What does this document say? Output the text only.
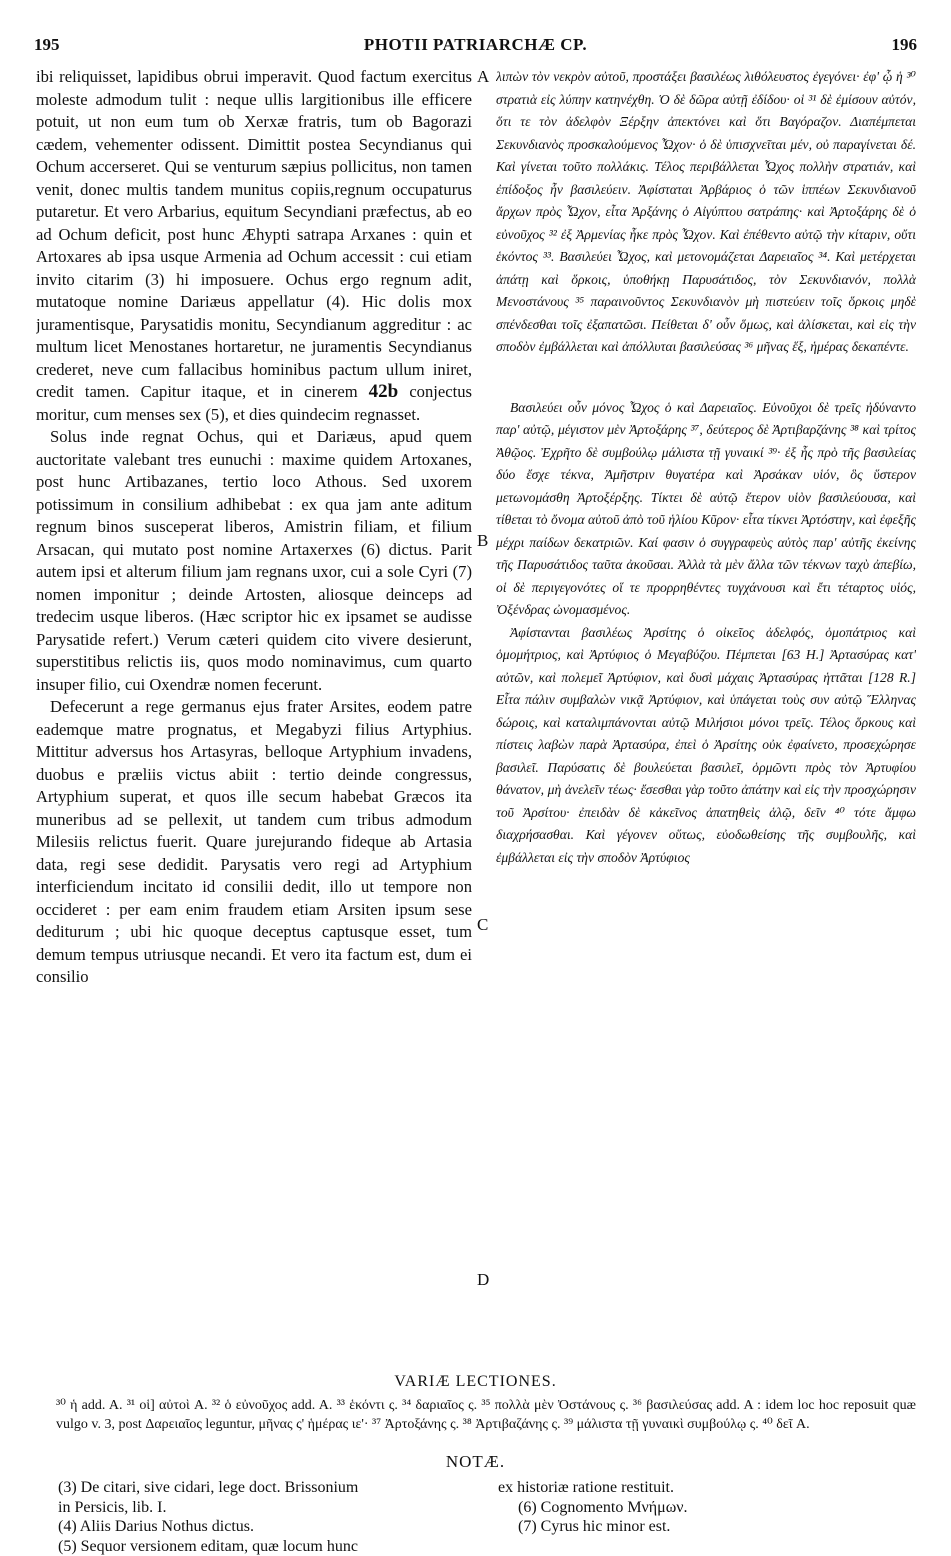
195	PHOTII PATRIARCHÆ CP.	196

ibi reliquisset, lapidibus obrui imperavit. Quod factum exercitus moleste admodum tulit : neque ullis largitionibus ille efficere potuit, ut non eum tum ob Xerxæ fratris, tum ob Bagorazi cædem, vehementer odissent. Dimittit postea Secyndianus qui Ochum accerseret. Qui se venturum sæpius pollicitus, non tamen venit, donec multis tandem munitus copiis,regnum occupaturus putaretur. Et vero Arbarius, equitum Secyndiani præfectus, ab eo ad Ochum deficit, post hunc Æhypti satrapa Arxanes : quin et Artoxares ab ipsa usque Armenia ad Ochum accessit : cui etiam invito citarim (3) hi imposuere. Ochus ergo regnum adit, mutatoque nomine Dariæus appellatur (4). Hic dolis mox juramentisque, Parysatidis monitu, Secyndianum aggreditur : ac multum licet Menostanes hortaretur, ne juramentis Secyndianus crederet, neve cum fallacibus hominibus pactum ullum iniret, credit tamen. Capitur itaque, et in cinerem 42b conjectus moritur, cum menses sex (5), et dies quindecim regnasset.

Solus inde regnat Ochus, qui et Dariæus, apud quem auctoritate valebant tres eunuchi : maxime quidem Artoxanes, post hunc Artibazanes, tertio loco Athous. Sed uxorem potissimum in consilium adhibebat : ex qua jam ante aditum regnum binos susceperat liberos, Amistrin filiam, et filium Arsacan, qui mutato post nomine Artaxerxes (6) dictus. Parit autem ipsi et alterum filium jam regnans uxor, cui a sole Cyri (7) nomen imponitur ; deinde Artosten, aliosque deinceps ad tredecim usque liberos. (Hæc scriptor hic ex ipsamet se audisse Parysatide refert.) Verum cæteri quidem cito vivere desierunt, superstitibus relictis iis, quos modo nominavimus, cum quarto insuper filio, cui Oxendræ nomen fecerunt.

Defecerunt a rege germanus ejus frater Arsites, eodem patre eademque matre prognatus, et Megabyzi filius Artyphius. Mittitur adversus hos Artasyras, belloque Artyphium invadens, duobus e præliis victus abiit : tertio deinde congressus, Artyphium superat, et quos ille secum habebat Græcos ita muneribus ad se pellexit, ut tandem cum tribus admodum Milesiis relictus fuerit. Quare jurejurando fideque ab Artasia data, regi sese dedidit. Parysatis vero regi ad Artyphium interficiendum incitato id consilii dedit, illo ut tempore non occideret : per eam enim fraudem etiam Arsiten ipsum sese dediturum ; ubi hic quoque deceptus captusque esset, tum demum tempus utriusque necandi. Et vero ita factum est, dum ei consilio

A
B
C
D

λιπὼν τὸν νεκρὸν αὐτοῦ, προστάξει βασιλέως λιθόλευστος ἐγεγόνει· ἐφ' ᾧ ἡ ³⁰ στρατιὰ εἰς λύπην κατηνέχθη. Ὁ δὲ δῶρα αὐτῇ ἐδίδου· οἱ ³¹ δὲ ἐμίσουν αὐτόν, ὅτι τε τὸν ἀδελφὸν Ξέρξην ἀπεκτόνει καὶ ὅτι Βαγόραζον. Διαπέμπεται Σεκυνδιανὸς προσκαλούμενος Ὦχον· ὁ δὲ ὑπισχνεῖται μέν, οὐ παραγίνεται δέ. Καὶ γίνεται τοῦτο πολλάκις. Τέλος περιβάλλεται Ὦχος πολλὴν στρατιάν, καὶ ἐπίδοξος ἦν βασιλεύειν. Ἀφίσταται Ἀρβάριος ὁ τῶν ἱππέων Σεκυνδιανοῦ ἄρχων πρὸς Ὦχον, εἶτα Ἀρξάνης ὁ Αἰγύπτου σατράπης· καὶ Ἀρτοξάρης δὲ ὁ εὐνοῦχος ³² ἐξ Ἀρμενίας ἧκε πρὸς Ὦχον. Καὶ ἐπέθεντο αὐτῷ τὴν κίταριν, οὔτι ἑκόντος ³³. Βασιλεύει Ὦχος, καὶ μετονομάζεται Δαρειαῖος ³⁴. Καὶ μετέρχεται ἀπάτῃ καὶ ὅρκοις, ὑποθήκῃ Παρυσάτιδος, τὸν Σεκυνδιανόν, πολλὰ Μενοστάνους ³⁵ παραινοῦντος Σεκυνδιανὸν μὴ πιστεύειν τοῖς ὅρκοις μηδὲ σπένδεσθαι τοῖς ἐξαπατῶσι. Πείθεται δ' οὖν ὅμως, καὶ ἁλίσκεται, καὶ εἰς τὴν σποδὸν ἐμβάλλεται καὶ ἀπόλλυται βασιλεύσας ³⁶ μῆνας ἕξ, ἡμέρας δεκαπέντε.

Βασιλεύει οὖν μόνος Ὦχος ὁ καὶ Δαρειαῖος. Εὐνοῦχοι δὲ τρεῖς ἠδύναντο παρ' αὐτῷ, μέγιστον μὲν Ἀρτοξάρης ³⁷, δεύτερος δὲ Ἀρτιβαρζάνης ³⁸ καὶ τρίτος Ἀθῷος. Ἐχρῆτο δὲ συμβούλῳ μάλιστα τῇ γυναικί ³⁹· ἐξ ἧς πρὸ τῆς βασιλείας δύο ἔσχε τέκνα, Ἀμῆστριν θυγατέρα καὶ Ἀρσάκαν υἱόν, ὃς ὕστερον μετωνομάσθη Ἀρτοξέρξης. Τίκτει δὲ αὐτῷ ἕτερον υἱὸν βασιλεύουσα, καὶ τίθεται τὸ ὄνομα αὐτοῦ ἀπὸ τοῦ ἡλίου Κῦρον· εἶτα τίκνει Ἀρτόστην, καὶ ἐφεξῆς μέχρι παίδων δεκατριῶν. Καί φασιν ὁ συγγραφεὺς αὐτὸς παρ' αὐτῆς ἐκείνης τῆς Παρυσάτιδος ταῦτα ἀκοῦσαι. Ἀλλὰ τὰ μὲν ἄλλα τῶν τέκνων ταχὺ ἀπεβίω, οἱ δὲ περιγεγονότες οἵ τε προρρηθέντες τυγχάνουσι καὶ ἔτι τέταρτος υἱός, Ὀξένδρας ὠνομασμένος.

Ἀφίστανται βασιλέως Ἀρσίτης ὁ οἰκεῖος ἀδελφός, ὁμοπάτριος καὶ ὁμομήτριος, καὶ Ἀρτύφιος ὁ Μεγαβύζου. Πέμπεται [63 H.] Ἀρτασύρας κατ' αὐτῶν, καὶ πολεμεῖ Ἀρτύφιον, καὶ δυσὶ μάχαις Ἀρτασύρας ἡττᾶται [128 R.] Εἶτα πάλιν συμβαλὼν νικᾷ Ἀρτύφιον, καὶ ὑπάγεται τοὺς συν αὐτῷ Ἕλληνας δώροις, καὶ καταλιμπάνονται αὐτῷ Μιλήσιοι μόνοι τρεῖς. Τέλος ὅρκους καὶ πίστεις λαβὼν παρὰ Ἀρτασύρα, ἐπεὶ ὁ Ἀρσίτης οὐκ ἐφαίνετο, προσεχώρησε βασιλεῖ. Παρύσατις δὲ βουλεύεται βασιλεῖ, ὁρμῶντι πρὸς τὸν Ἀρτυφίου θάνατον, μὴ ἀνελεῖν τέως· ἔσεσθαι γὰρ τοῦτο ἀπάτην καὶ εἰς τὴν προσχώρησιν τοῦ Ἀρσίτου· ἐπειδὰν δὲ κἀκεῖνος ἀπατηθεὶς ἁλῷ, δεῖν ⁴⁰ τότε ἄμφω διαχρήσασθαι. Καὶ γέγονεν οὕτως, εὐοδωθείσης τῆς συμβουλῆς, καὶ ἐμβάλλεται εἰς τὴν σποδὸν Ἀρτύφιος

VARIÆ LECTIONES.
³⁰ ἡ add. A. ³¹ οἱ] αὐτοὶ A. ³² ὁ εὐνοῦχος add. A. ³³ ἑκόντι ς. ³⁴ δαριαῖος ς. ³⁵ πολλὰ μὲν Ὀστάνους ς. ³⁶ βασιλεύσας add. A : idem loc hoc reposuit quæ vulgo v. 3, post Δαρειαῖος leguntur, μῆνας ς' ἡμέρας ιε'· ³⁷ Ἀρτοξάνης ς. ³⁸ Ἀρτιβαζάνης ς. ³⁹ μάλιστα τῇ γυναικὶ συμβούλῳ ς. ⁴⁰ δεῖ A.
NOTÆ.
(3) De citari, sive cidari, lege doct. Brissonium
in Persicis, lib. I.
(4) Aliis Darius Nothus dictus.
(5) Sequor versionem editam, quæ locum hunc
ex historiæ ratione restituit.
(6) Cognomento Μνήμων.
(7) Cyrus hic minor est.
